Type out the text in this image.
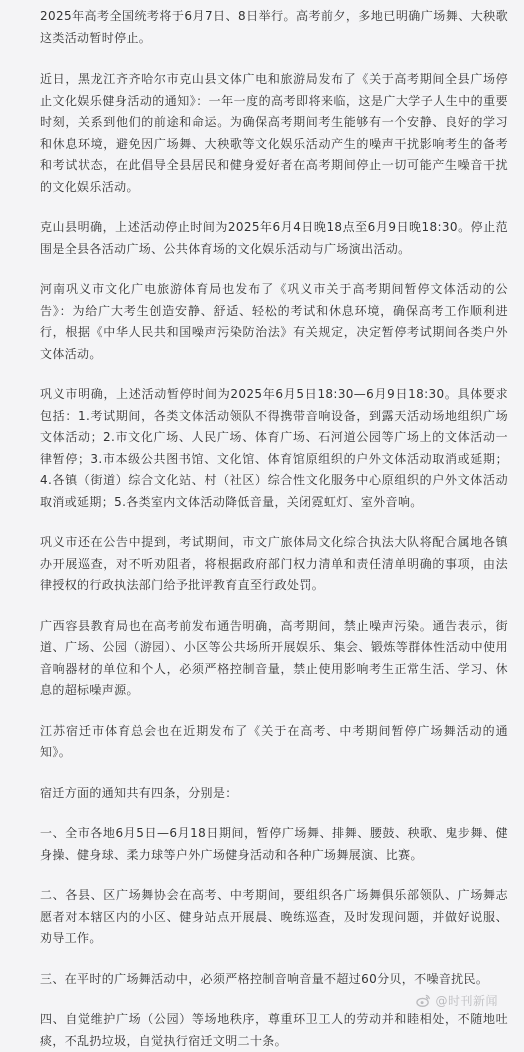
2025年高考全国统考将于6月7日、8日举行。高考前夕，多地已明确广场舞、大秧歌这类活动暂时停止。

近日，黑龙江齐齐哈尔市克山县文体广电和旅游局发布了《关于高考期间全县广场停止文化娱乐健身活动的通知》：一年一度的高考即将来临，这是广大学子人生中的重要时刻，关系到他们的前途和命运。为确保高考期间考生能够有一个安静、良好的学习和休息环境，避免因广场舞、大秧歌等文化娱乐活动产生的噪声干扰影响考生的备考和考试状态，在此倡导全县居民和健身爱好者在高考期间停止一切可能产生噪音干扰的文化娱乐活动。

克山县明确，上述活动停止时间为2025年6月4日晚18点至6月9日晚18:30。停止范围是全县各活动广场、公共体育场的文化娱乐活动与广场演出活动。

河南巩义市文化广电旅游体育局也发布了《巩义市关于高考期间暂停文体活动的公告》：为给广大考生创造安静、舒适、轻松的考试和休息环境，确保高考工作顺利进行，根据《中华人民共和国噪声污染防治法》有关规定，决定暂停考试期间各类户外文体活动。

巩义市明确，上述活动暂停时间为2025年6月5日18:30—6月9日18:30。具体要求包括：1.考试期间，各类文体活动领队不得携带音响设备，到露天活动场地组织广场文体活动；2.市文化广场、人民广场、体育广场、石河道公园等广场上的文体活动一律暂停；3.市本级公共图书馆、文化馆、体育馆原组织的户外文体活动取消或延期；4.各镇（街道）综合文化站、村（社区）综合性文化服务中心原组织的户外文体活动取消或延期；5.各类室内文体活动降低音量，关闭霓虹灯、室外音响。

巩义市还在公告中提到，考试期间，市文广旅体局文化综合执法大队将配合属地各镇办开展巡查，对不听劝阻者，将根据政府部门权力清单和责任清单明确的事项，由法律授权的行政执法部门给予批评教育直至行政处罚。

广西容县教育局也在高考前发布通告明确，高考期间，禁止噪声污染。通告表示，街道、广场、公园（游园）、小区等公共场所开展娱乐、集会、锻炼等群体性活动中使用音响器材的单位和个人，必须严格控制音量，禁止使用影响考生正常生活、学习、休息的超标噪声源。

江苏宿迁市体育总会也在近期发布了《关于在高考、中考期间暂停广场舞活动的通知》。

宿迁方面的通知共有四条，分别是：

一、全市各地6月5日—6月18日期间，暂停广场舞、排舞、腰鼓、秧歌、鬼步舞、健身操、健身球、柔力球等户外广场健身活动和各种广场舞展演、比赛。

二、各县、区广场舞协会在高考、中考期间，要组织各广场舞俱乐部领队、广场舞志愿者对本辖区内的小区、健身站点开展晨、晚练巡查，及时发现问题，并做好说服、劝导工作。

三、在平时的广场舞活动中，必须严格控制音响音量不超过60分贝，不噪音扰民。

四、自觉维护广场（公园）等场地秩序，尊重环卫工人的劳动并和睦相处，不随地吐痰，不乱扔垃圾，自觉执行宿迁文明二十条。

@时刊新闻
